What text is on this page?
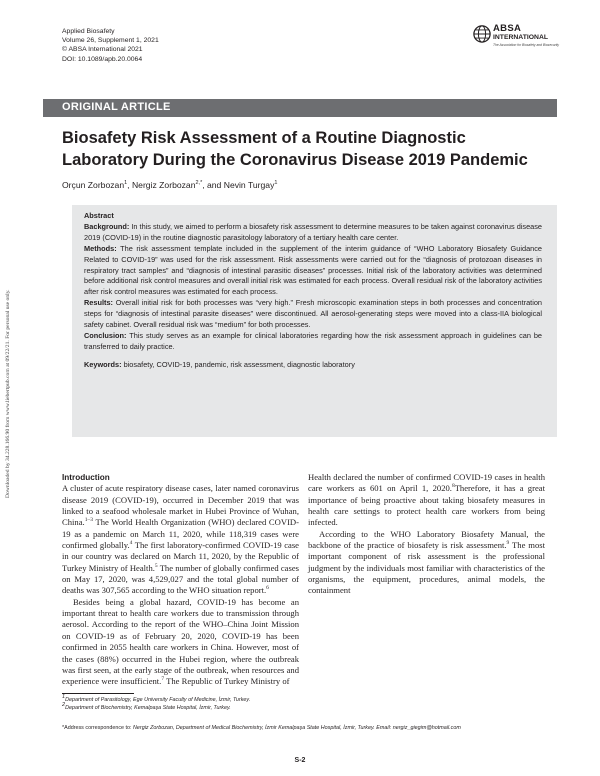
Applied Biosafety
Volume 26, Supplement 1, 2021
© ABSA International 2021
DOI: 10.1089/apb.20.0064
ABSA
INTERNATIONAL
The Association for Biosafety and Biosecurity
ORIGINAL ARTICLE
Biosafety Risk Assessment of a Routine Diagnostic Laboratory During the Coronavirus Disease 2019 Pandemic
Orçun Zorbozan$^1$, Nergiz Zorbozan$^{2,*}$, and Nevin Turgay$^1$

Abstract

Background: In this study, we aimed to perform a biosafety risk assessment to determine measures to be taken against coronavirus disease 2019 (COVID-19) in the routine diagnostic parasitology laboratory of a tertiary health care center.

Methods: The risk assessment template included in the supplement of the interim guidance of “WHO Laboratory Biosafety Guidance Related to COVID-19” was used for the risk assessment. Risk assessments were carried out for the “diagnosis of protozoan diseases in respiratory tract samples” and “diagnosis of intestinal parasitic diseases” processes. Initial risk of the laboratory activities was determined before additional risk control measures and overall initial risk was estimated for each process. Overall residual risk of the laboratory activities after risk control measures was estimated for each process.

Results: Overall initial risk for both processes was “very high.” Fresh microscopic examination steps in both processes and concentration steps for “diagnosis of intestinal parasite diseases” were discontinued. All aerosol-generating steps were moved into a class-IIA biological safety cabinet. Overall residual risk was “medium” for both processes.

Conclusion: This study serves as an example for clinical laboratories regarding how the risk assessment approach in guidelines can be transferred to daily practice.

Keywords: biosafety, COVID-19, pandemic, risk assessment, diagnostic laboratory

Downloaded by 34.228.166.90 from www.liebertpub.com at 09/22/21. For personal use only.	Introduction

A cluster of acute respiratory disease cases, later named coronavirus disease 2019 (COVID-19), occurred in December 2019 that was linked to a seafood wholesale market in Hubei Province of Wuhan, China.$^{1-3}$ The World Health Organization (WHO) declared COVID-19 as a pandemic on March 11, 2020, while 118,319 cases were confirmed globally.$^4$ The first laboratory-confirmed COVID-19 case in our country was declared on March 11, 2020, by the Republic of Turkey Ministry of Health.$^5$ The number of globally confirmed cases on May 17, 2020, was 4,529,027 and the total global number of deaths was 307,565 according to the WHO situation report.$^6$

Besides being a global hazard, COVID-19 has become an important threat to health care workers due to transmission through aerosol. According to the report of the WHO–China Joint Mission on COVID-19 as of February 20, 2020, COVID-19 has been confirmed in 2055 health care workers in China. However, most of the cases (88%) occurred in the Hubei region, where the outbreak was first seen, at the early stage of the outbreak, when resources and experience were insufficient.$^7$ The Republic of Turkey Ministry of

Health declared the number of confirmed COVID-19 cases in health care workers as 601 on April 1, 2020.$^8$Therefore, it has a great importance of being proactive about taking biosafety measures in health care settings to protect health care workers from being infected.

According to the WHO Laboratory Biosafety Manual, the backbone of the practice of biosafety is risk assessment.$^9$ The most important component of risk assessment is the professional judgment by the individuals most familiar with characteristics of the organisms, the equipment, procedures, animal models, the containment

$^1$Department of Parasitology, Ege University Faculty of Medicine, İzmir, Turkey.
$^2$Department of Biochemistry, Kemalpaşa State Hospital, İzmir, Turkey.
*Address correspondence to: Nergiz Zorbozan, Department of Medical Biochemistry, İzmir Kemalpaşa State Hospital, İzmir, Turkey. Email: nergiz_giegim@hotmail.com
S-2
